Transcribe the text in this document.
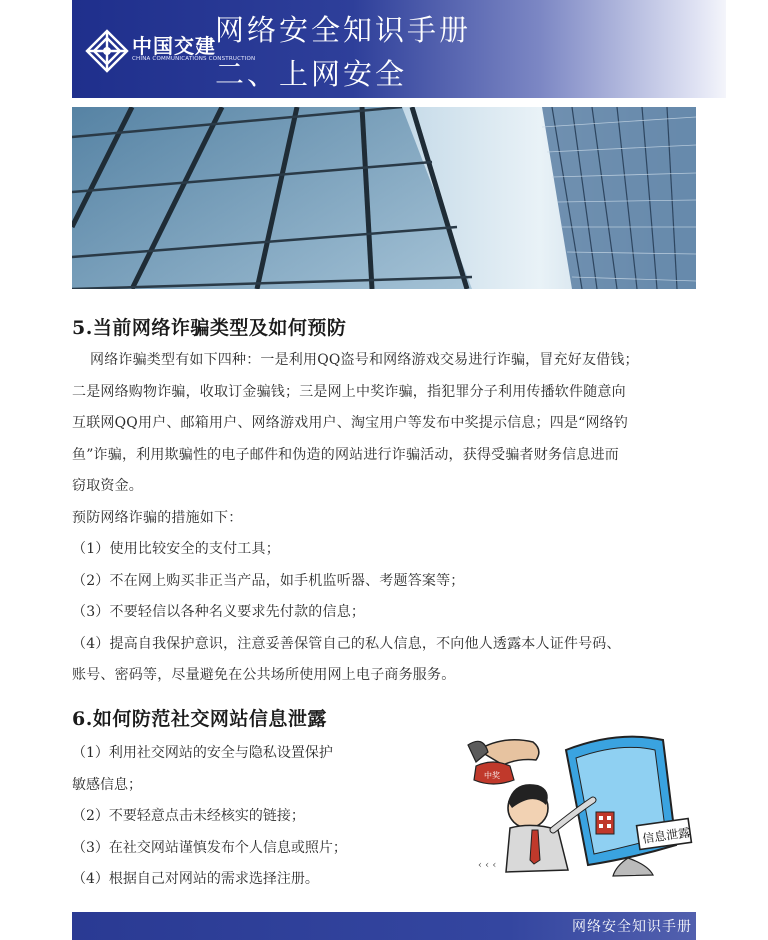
中国交建
CHINA COMMUNICATIONS CONSTRUCTION
网络安全知识手册
二、上网安全
5.当前网络诈骗类型及如何预防

网络诈骗类型有如下四种：一是利用QQ盗号和网络游戏交易进行诈骗，冒充好友借钱；

二是网络购物诈骗，收取订金骗钱；三是网上中奖诈骗，指犯罪分子利用传播软件随意向

互联网QQ用户、邮箱用户、网络游戏用户、淘宝用户等发布中奖提示信息；四是“网络钓

鱼”诈骗，利用欺骗性的电子邮件和伪造的网站进行诈骗活动，获得受骗者财务信息进而

窃取资金。

预防网络诈骗的措施如下：

（1）使用比较安全的支付工具；

（2）不在网上购买非正当产品，如手机监听器、考题答案等；

（3）不要轻信以各种名义要求先付款的信息；

（4）提高自我保护意识，注意妥善保管自己的私人信息，不向他人透露本人证件号码、

账号、密码等，尽量避免在公共场所使用网上电子商务服务。

6.如何防范社交网站信息泄露

（1）利用社交网站的安全与隐私设置保护

敏感信息；

（2）不要轻意点击未经核实的链接；

（3）在社交网站谨慎发布个人信息或照片；

（4）根据自己对网站的需求选择注册。

中奖
信息泄露
‹ ‹ ‹
网络安全知识手册
